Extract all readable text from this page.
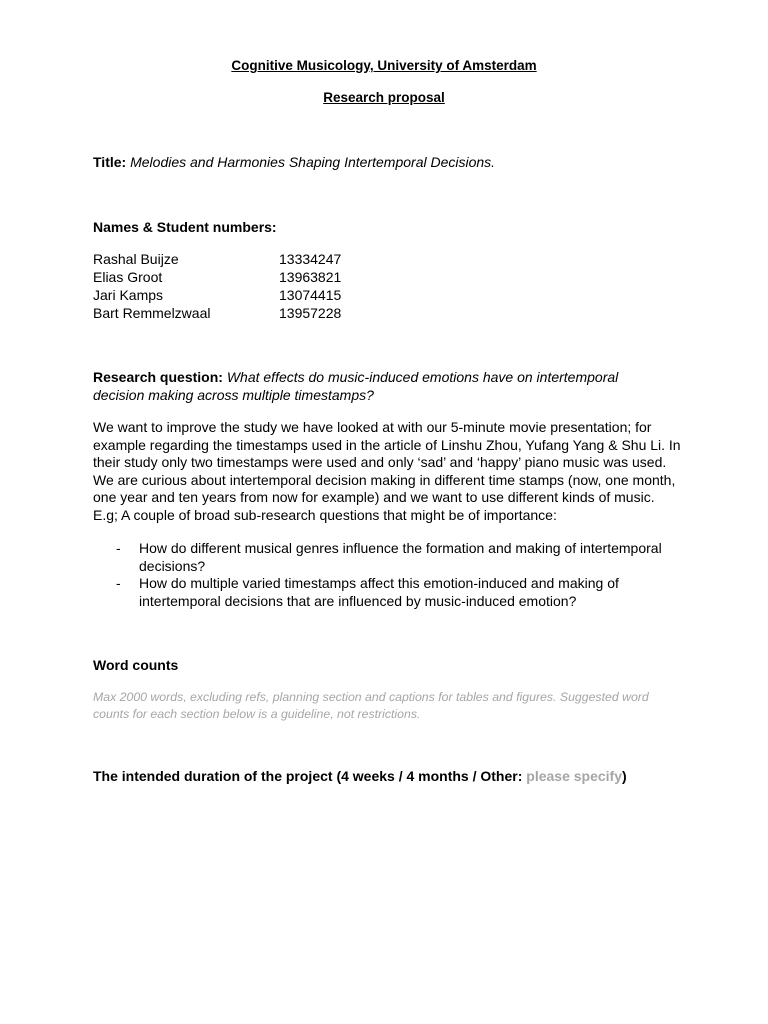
Cognitive Musicology, University of Amsterdam
Research proposal
Title: Melodies and Harmonies Shaping Intertemporal Decisions.
Names & Student numbers:
Rashal Buijze	13334247
Elias Groot	13963821
Jari Kamps	13074415
Bart Remmelzwaal	13957228
Research question: What effects do music-induced emotions have on intertemporal decision making across multiple timestamps?
We want to improve the study we have looked at with our 5-minute movie presentation; for example regarding the timestamps used in the article of Linshu Zhou, Yufang Yang & Shu Li. In their study only two timestamps were used and only ‘sad’ and ‘happy’ piano music was used. We are curious about intertemporal decision making in different time stamps (now, one month, one year and ten years from now for example) and we want to use different kinds of music. E.g; A couple of broad sub-research questions that might be of importance:
- How do different musical genres influence the formation and making of intertemporal decisions?
- How do multiple varied timestamps affect this emotion-induced and making of intertemporal decisions that are influenced by music-induced emotion?
Word counts
Max 2000 words, excluding refs, planning section and captions for tables and figures. Suggested word counts for each section below is a guideline, not restrictions.
The intended duration of the project (4 weeks / 4 months / Other: please specify)
